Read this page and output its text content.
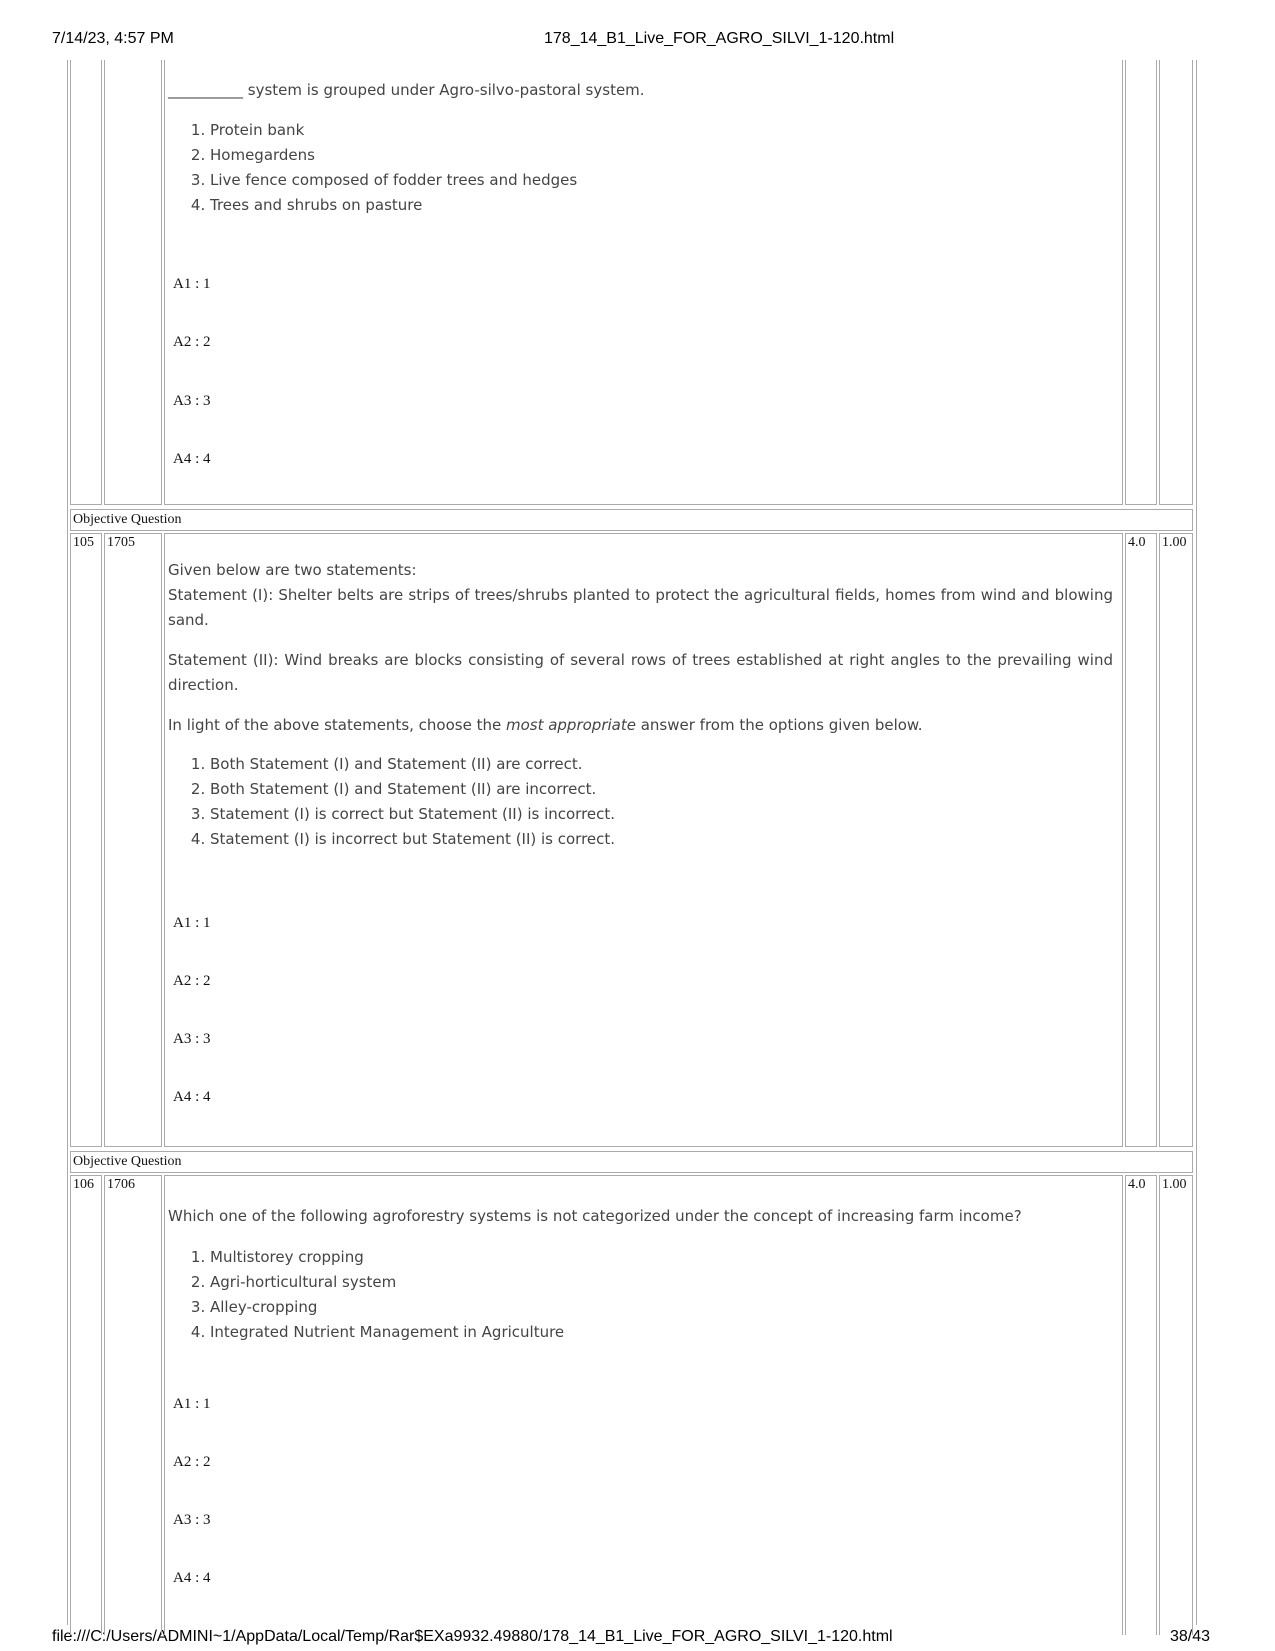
7/14/23, 4:57 PM	178_14_B1_Live_FOR_AGRO_SILVI_1-120.html
file:///C:/Users/ADMINI~1/AppData/Local/Temp/Rar$EXa9932.49880/178_14_B1_Live_FOR_AGRO_SILVI_1-120.html	38/43

__________ system is grouped under Agro-silvo-pastoral system.

1. Protein bank
2. Homegardens
3. Live fence composed of fodder trees and hedges
4. Trees and shrubs on pasture
A1 : 1
A2 : 2
A3 : 3
A4 : 4
Objective Question
105 1705	4.0 1.00

Given below are two statements:
Statement (I): Shelter belts are strips of trees/shrubs planted to protect the agricultural fields, homes from wind and blowing sand.

Statement (II): Wind breaks are blocks consisting of several rows of trees established at right angles to the prevailing wind direction.

In light of the above statements, choose the most appropriate answer from the options given below.

1. Both Statement (I) and Statement (II) are correct.
2. Both Statement (I) and Statement (II) are incorrect.
3. Statement (I) is correct but Statement (II) is incorrect.
4. Statement (I) is incorrect but Statement (II) is correct.
A1 : 1
A2 : 2
A3 : 3
A4 : 4
Objective Question
106 1706	4.0 1.00

Which one of the following agroforestry systems is not categorized under the concept of increasing farm income?

1. Multistorey cropping
2. Agri-horticultural system
3. Alley-cropping
4. Integrated Nutrient Management in Agriculture
A1 : 1
A2 : 2
A3 : 3
A4 : 4
